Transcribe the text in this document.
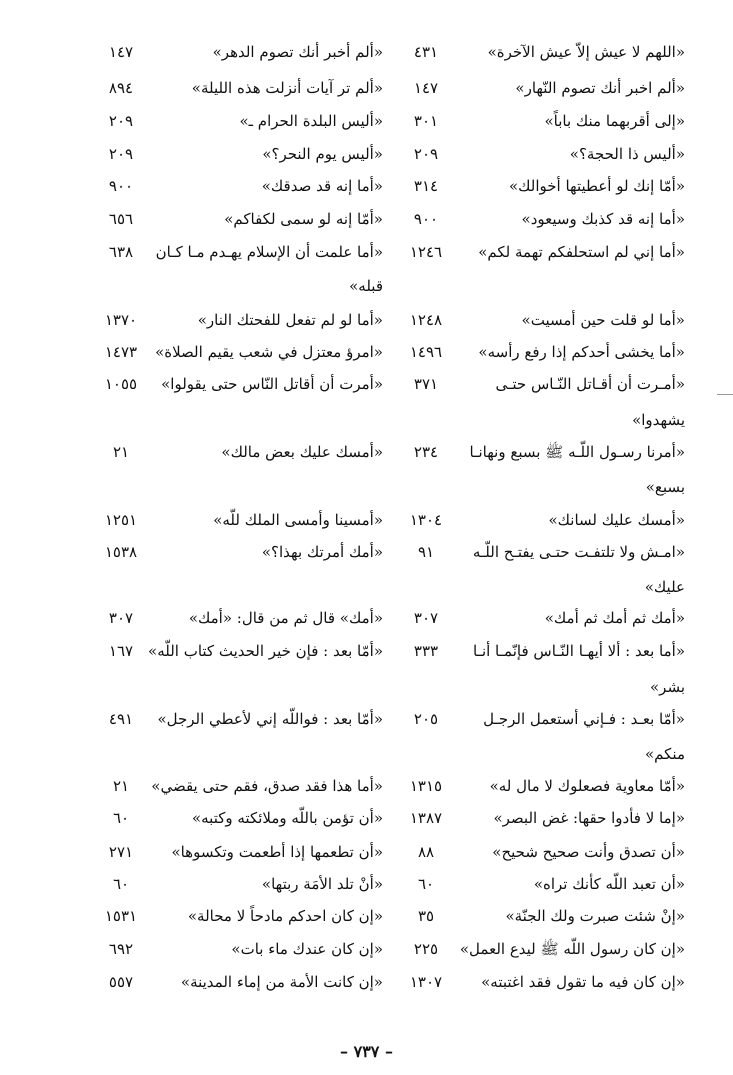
«اللهم لا عيش إلاّ عيش الآخرة»
٤٣١
«ألم أخبر أنك تصوم الدهر»
١٤٧
«ألم اخبر أنك تصوم النّهار»
١٤٧
«ألم تر آيات أنزلت هذه الليلة»
٨٩٤
«إلى أقربهما منك باباً»
٣٠١
«أليس البلدة الحرام ـ»
٢٠٩
«أليس ذا الحجة؟»
٢٠٩
«أليس يوم النحر؟»
٢٠٩
«أمّا إنك لو أعطيتها أخوالك»
٣١٤
«أما إنه قد صدقك»
٩٠٠
«أما إنه قد كذبك وسيعود»
٩٠٠
«أمّا إنه لو سمى لكفاكم»
٦٥٦
«أما إني لم استحلفكم تهمة لكم»
١٢٤٦
«أما علمت أن الإسلام يهـدم مـا كـان
٦٣٨
قبله»
«أما لو قلت حين أمسيت»
١٢٤٨
«أما لو لم تفعل للفحتك النار»
١٣٧٠
«أما يخشى أحدكم إذا رفع رأسه»
١٤٩٦
«امرؤ معتزل في شعب يقيم الصلاة»
١٤٧٣
«أمـرت أن أقـاتل النّـاس حتـى
٣٧١
«أمرت أن أقاتل النّاس حتى يقولوا»
١٠٥٥
يشهدوا»
«أمرنا رسـول اللّـه ﷺ بسبع ونهانـا
٢٣٤
«أمسك عليك بعض مالك»
٢١
بسبع»
«أمسك عليك لسانك»
١٣٠٤
«أمسينا وأمسى الملك للّه»
١٢٥١
«امـش ولا تلتفـت حتـى يفتـح اللّـه
٩١
«أمك أمرتك بهذا؟»
١٥٣٨
عليك»
«أمك ثم أمك ثم أمك»
٣٠٧
«أمك» قال ثم من قال: «أمك»
٣٠٧
«أما بعد : ألا أيهـا النّـاس فإنّمـا أنـا
٣٣٣
«أمّا بعد : فإن خير الحديث كتاب اللّه»
١٦٧
بشر»
«أمّا بعـد : فـإني أستعمل الرجـل
٢٠٥
«أمّا بعد : فواللّه إني لأعطي الرجل»
٤٩١
منكم»
«أمّا معاوية فصعلوك لا مال له»
١٣١٥
«أما هذا فقد صدق، فقم حتى يقضي»
٢١
«إما لا فأدوا حقها: غض البصر»
١٣٨٧
«أن تؤمن باللّه وملائكته وكتبه»
٦٠
«أن تصدق وأنت صحيح شحيح»
٨٨
«أن تطعمها إذا أطعمت وتكسوها»
٢٧١
«أن تعبد اللّه كأنك تراه»
٦٠
«أنْ تلد الأمَة ربتها»
٦٠
«إنْ شئت صبرت ولك الجنّة»
٣٥
«إن كان احدكم مادحاً لا محالة»
١٥٣١
«إن كان رسول اللّه ﷺ ليدع العمل»
٢٢٥
«إن كان عندك ماء بات»
٦٩٢
«إن كان فيه ما تقول فقد اغتبته»
١٣٠٧
«إن كانت الأمة من إماء المدينة»
٥٥٧
– ٧٣٧ –
